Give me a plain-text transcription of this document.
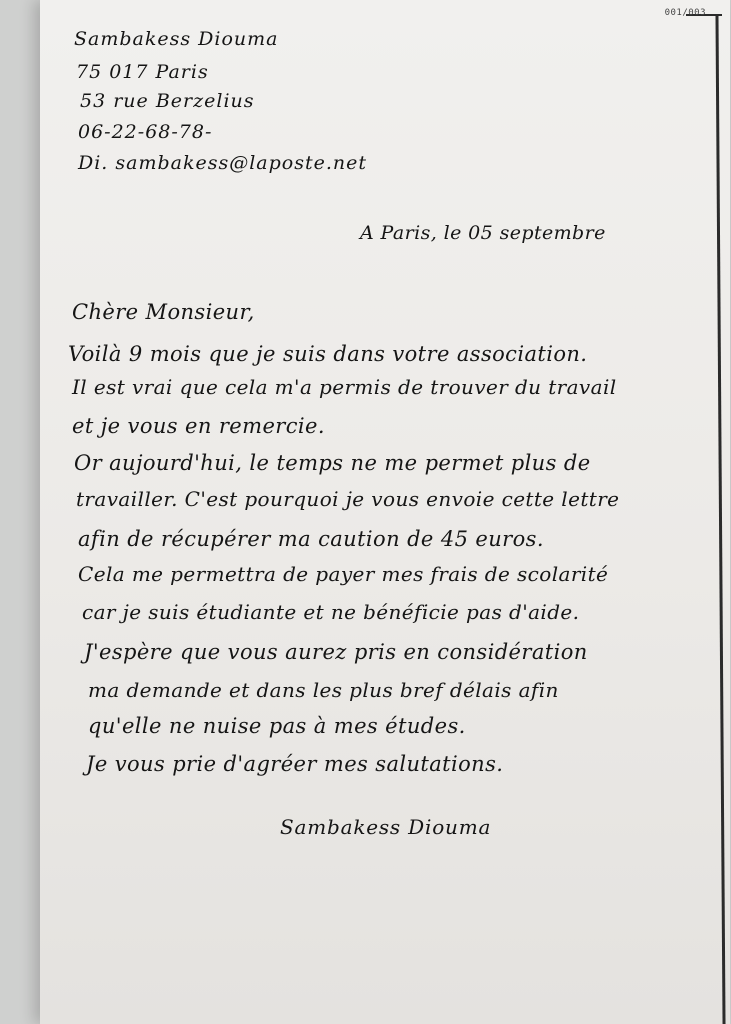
001/003
Sambakess Diouma
75 017 Paris
53 rue Berzelius
06-22-68-78-
Di. sambakess@laposte.net
A Paris, le 05 septembre
Chère Monsieur,
Voilà 9 mois que je suis dans votre association.
Il est vrai que cela m'a permis de trouver du travail
et je vous en remercie.
Or aujourd'hui, le temps ne me permet plus de
travailler. C'est pourquoi je vous envoie cette lettre
afin de récupérer ma caution de 45 euros.
Cela me permettra de payer mes frais de scolarité
car je suis étudiante et ne bénéficie pas d'aide.
J'espère que vous aurez pris en considération
ma demande et dans les plus bref délais afin
qu'elle ne nuise pas à mes études.
Je vous prie d'agréer mes salutations.
Sambakess Diouma
